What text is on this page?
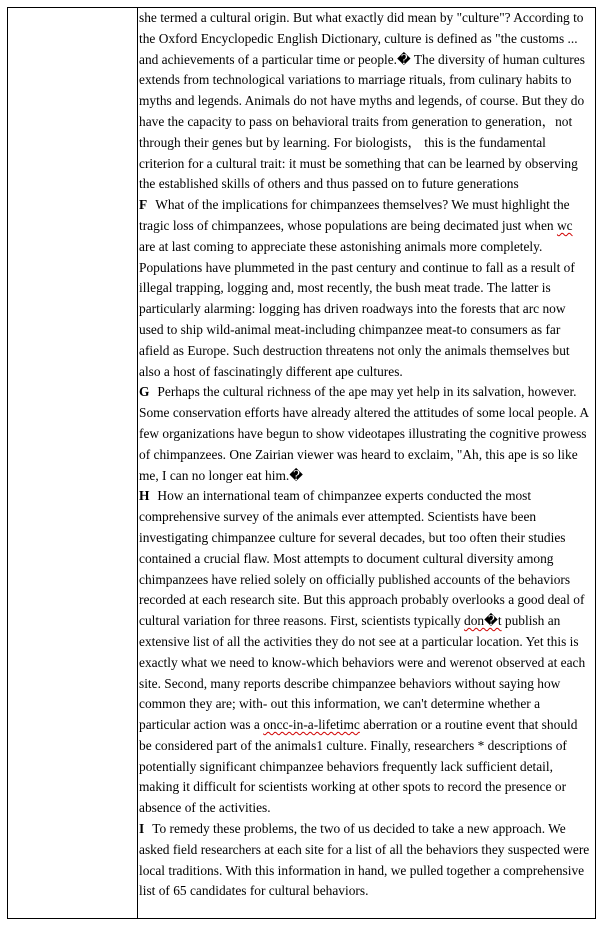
she termed a cultural origin. But what exactly did mean by "culture"? According to the Oxford Encyclopedic English Dictionary, culture is defined as "the customs ... and achievements of a particular time or people.� The diversity of human cultures extends from technological variations to marriage rituals, from culinary habits to myths and legends. Animals do not have myths and legends, of course. But they do have the capacity to pass on behavioral traits from generation to generation，not through their genes but by learning. For biologists， this is the fundamental criterion for a cultural trait: it must be something that can be learned by observing the established skills of others and thus passed on to future generations

F What of the implications for chimpanzees themselves? We must highlight the tragic loss of chimpanzees, whose populations are being decimated just when wc are at last coming to appreciate these astonishing animals more completely. Populations have plummeted in the past century and continue to fall as a result of illegal trapping, logging and, most recently, the bush meat trade. The latter is particularly alarming: logging has driven roadways into the forests that arc now used to ship wild-animal meat-including chimpanzee meat-to consumers as far afield as Europe. Such destruction threatens not only the animals themselves but also a host of fascinatingly different ape cultures.

G Perhaps the cultural richness of the ape may yet help in its salvation, however. Some conservation efforts have already altered the attitudes of some local people. A few organizations have begun to show videotapes illustrating the cognitive prowess of chimpanzees. One Zairian viewer was heard to exclaim, "Ah, this ape is so like me, I can no longer eat him.�

H How an international team of chimpanzee experts conducted the most comprehensive survey of the animals ever attempted. Scientists have been investigating chimpanzee culture for several decades, but too often their studies contained a crucial flaw. Most attempts to document cultural diversity among chimpanzees have relied solely on officially published accounts of the behaviors recorded at each research site. But this approach probably overlooks a good deal of cultural variation for three reasons. First, scientists typically don�t publish an extensive list of all the activities they do not see at a particular location. Yet this is exactly what we need to know-which behaviors were and werenot observed at each site. Second, many reports describe chimpanzee behaviors without saying how common they are; with- out this information, we can't determine whether a particular action was a oncc-in-a-lifetimc aberration or a routine event that should be considered part of the animals1 culture. Finally, researchers * descriptions of potentially significant chimpanzee behaviors frequently lack sufficient detail, making it difficult for scientists working at other spots to record the presence or absence of the activities.

I To remedy these problems, the two of us decided to take a new approach. We asked field researchers at each site for a list of all the behaviors they suspected were local traditions. With this information in hand, we pulled together a comprehensive list of 65 candidates for cultural behaviors.
